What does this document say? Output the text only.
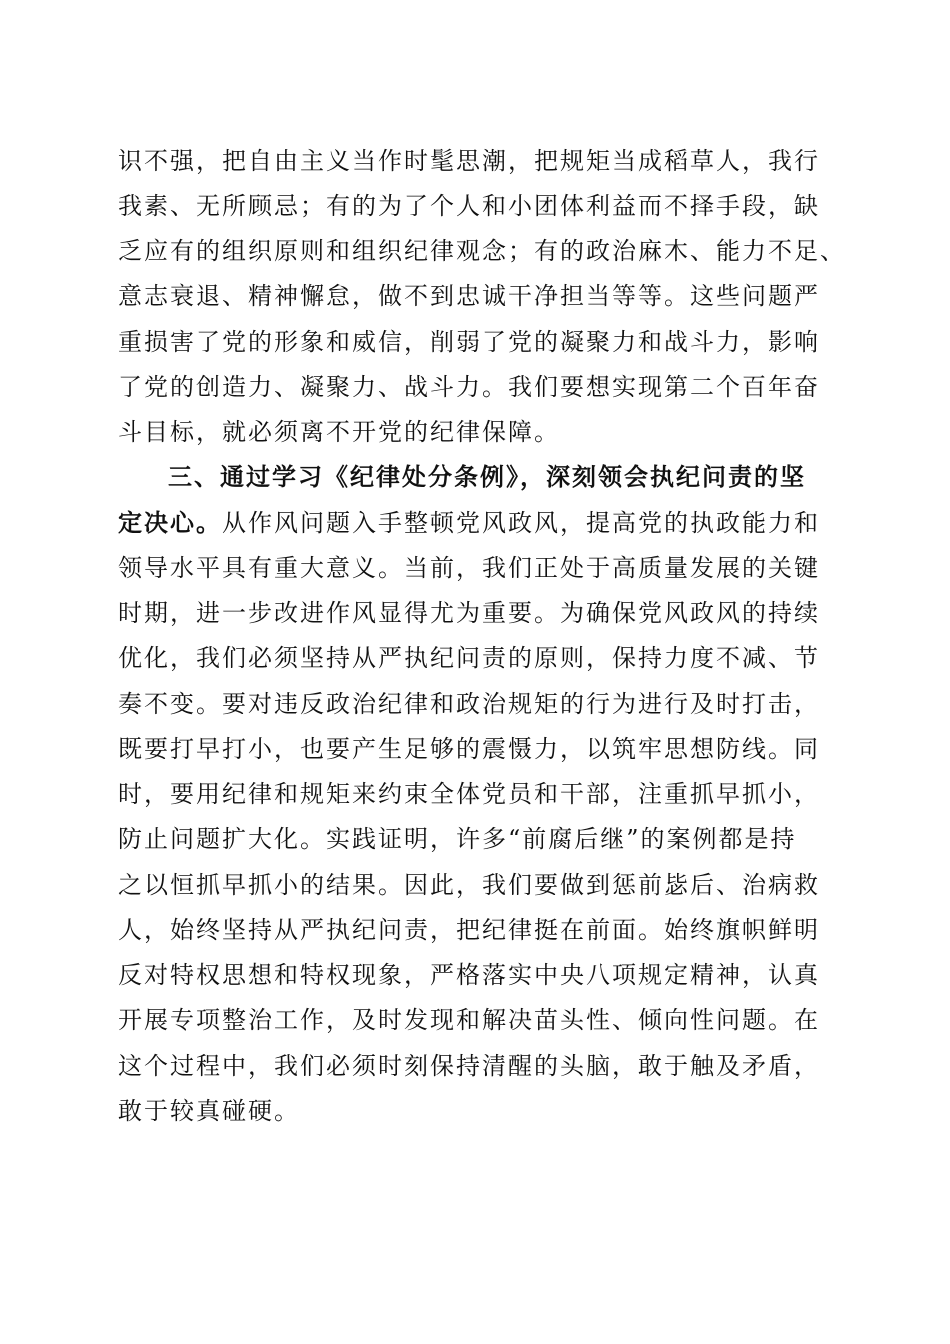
识不强，把自由主义当作时髦思潮，把规矩当成稻草人，我行
我素、无所顾忌；有的为了个人和小团体利益而不择手段，缺
乏应有的组织原则和组织纪律观念；有的政治麻木、能力不足、
意志衰退、精神懈怠，做不到忠诚干净担当等等。这些问题严
重损害了党的形象和威信，削弱了党的凝聚力和战斗力，影响
了党的创造力、凝聚力、战斗力。我们要想实现第二个百年奋
斗目标，就必须离不开党的纪律保障。
三、通过学习《纪律处分条例》，深刻领会执纪问责的坚
定决心。从作风问题入手整顿党风政风，提高党的执政能力和
领导水平具有重大意义。当前，我们正处于高质量发展的关键
时期，进一步改进作风显得尤为重要。为确保党风政风的持续
优化，我们必须坚持从严执纪问责的原则，保持力度不减、节
奏不变。要对违反政治纪律和政治规矩的行为进行及时打击，
既要打早打小，也要产生足够的震慑力，以筑牢思想防线。同
时，要用纪律和规矩来约束全体党员和干部，注重抓早抓小，
防止问题扩大化。实践证明，许多“前腐后继”的案例都是持
之以恒抓早抓小的结果。因此，我们要做到惩前毖后、治病救
人，始终坚持从严执纪问责，把纪律挺在前面。始终旗帜鲜明
反对特权思想和特权现象，严格落实中央八项规定精神，认真
开展专项整治工作，及时发现和解决苗头性、倾向性问题。在
这个过程中，我们必须时刻保持清醒的头脑，敢于触及矛盾，
敢于较真碰硬。
